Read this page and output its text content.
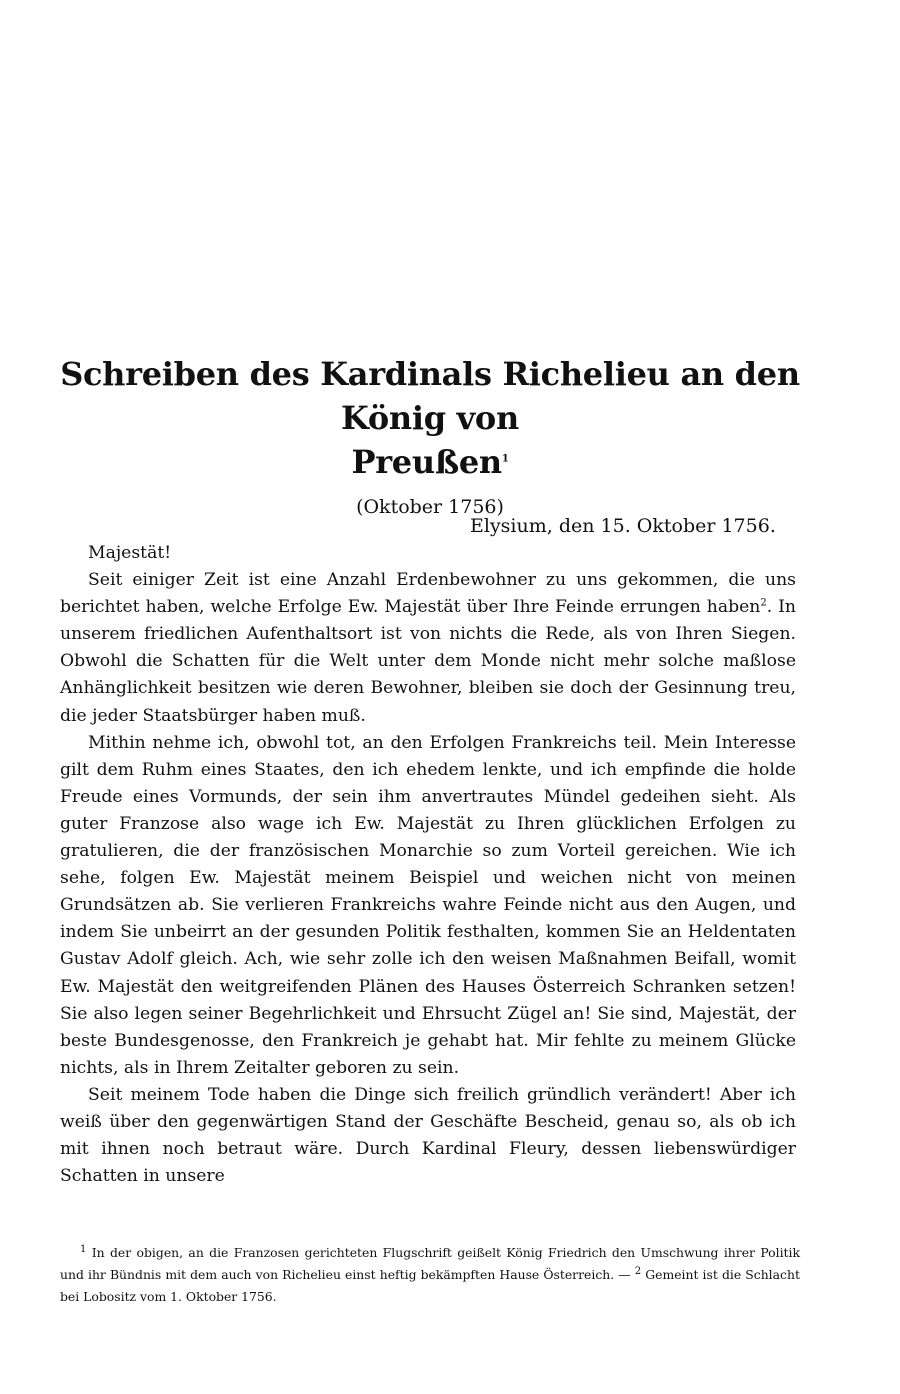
Schreiben des Kardinals Richelieu an den König von
Preußen$^1$
(Oktober 1756)
Elysium, den 15. Oktober 1756.

Majestät!

Seit einiger Zeit ist eine Anzahl Erdenbewohner zu uns gekommen, die uns berichtet haben, welche Erfolge Ew. Majestät über Ihre Feinde errungen haben$^2$. In unserem friedlichen Aufenthaltsort ist von nichts die Rede, als von Ihren Siegen. Obwohl die Schatten für die Welt unter dem Monde nicht mehr solche maßlose Anhänglichkeit besitzen wie deren Bewohner, bleiben sie doch der Gesinnung treu, die jeder Staatsbürger haben muß.

Mithin nehme ich, obwohl tot, an den Erfolgen Frankreichs teil. Mein Interesse gilt dem Ruhm eines Staates, den ich ehedem lenkte, und ich empfinde die holde Freude eines Vormunds, der sein ihm anvertrautes Mündel gedeihen sieht. Als guter Franzose also wage ich Ew. Majestät zu Ihren glücklichen Erfolgen zu gratulieren, die der französischen Monarchie so zum Vorteil gereichen. Wie ich sehe, folgen Ew. Majestät meinem Beispiel und weichen nicht von meinen Grundsätzen ab. Sie verlieren Frankreichs wahre Feinde nicht aus den Augen, und indem Sie unbeirrt an der gesunden Politik festhalten, kommen Sie an Heldentaten Gustav Adolf gleich. Ach, wie sehr zolle ich den weisen Maßnahmen Beifall, womit Ew. Majestät den weitgreifenden Plänen des Hauses Österreich Schranken setzen! Sie also legen seiner Begehrlichkeit und Ehrsucht Zügel an! Sie sind, Majestät, der beste Bundesgenosse, den Frankreich je gehabt hat. Mir fehlte zu meinem Glücke nichts, als in Ihrem Zeitalter geboren zu sein.

Seit meinem Tode haben die Dinge sich freilich gründlich verändert! Aber ich weiß über den gegenwärtigen Stand der Geschäfte Bescheid, genau so, als ob ich mit ihnen noch betraut wäre. Durch Kardinal Fleury, dessen liebenswürdiger Schatten in unsere

$^1$ In der obigen, an die Franzosen gerichteten Flugschrift geißelt König Friedrich den Umschwung ihrer Politik und ihr Bündnis mit dem auch von Richelieu einst heftig bekämpften Hause Österreich. — $^2$ Gemeint ist die Schlacht bei Lobositz vom 1. Oktober 1756.
